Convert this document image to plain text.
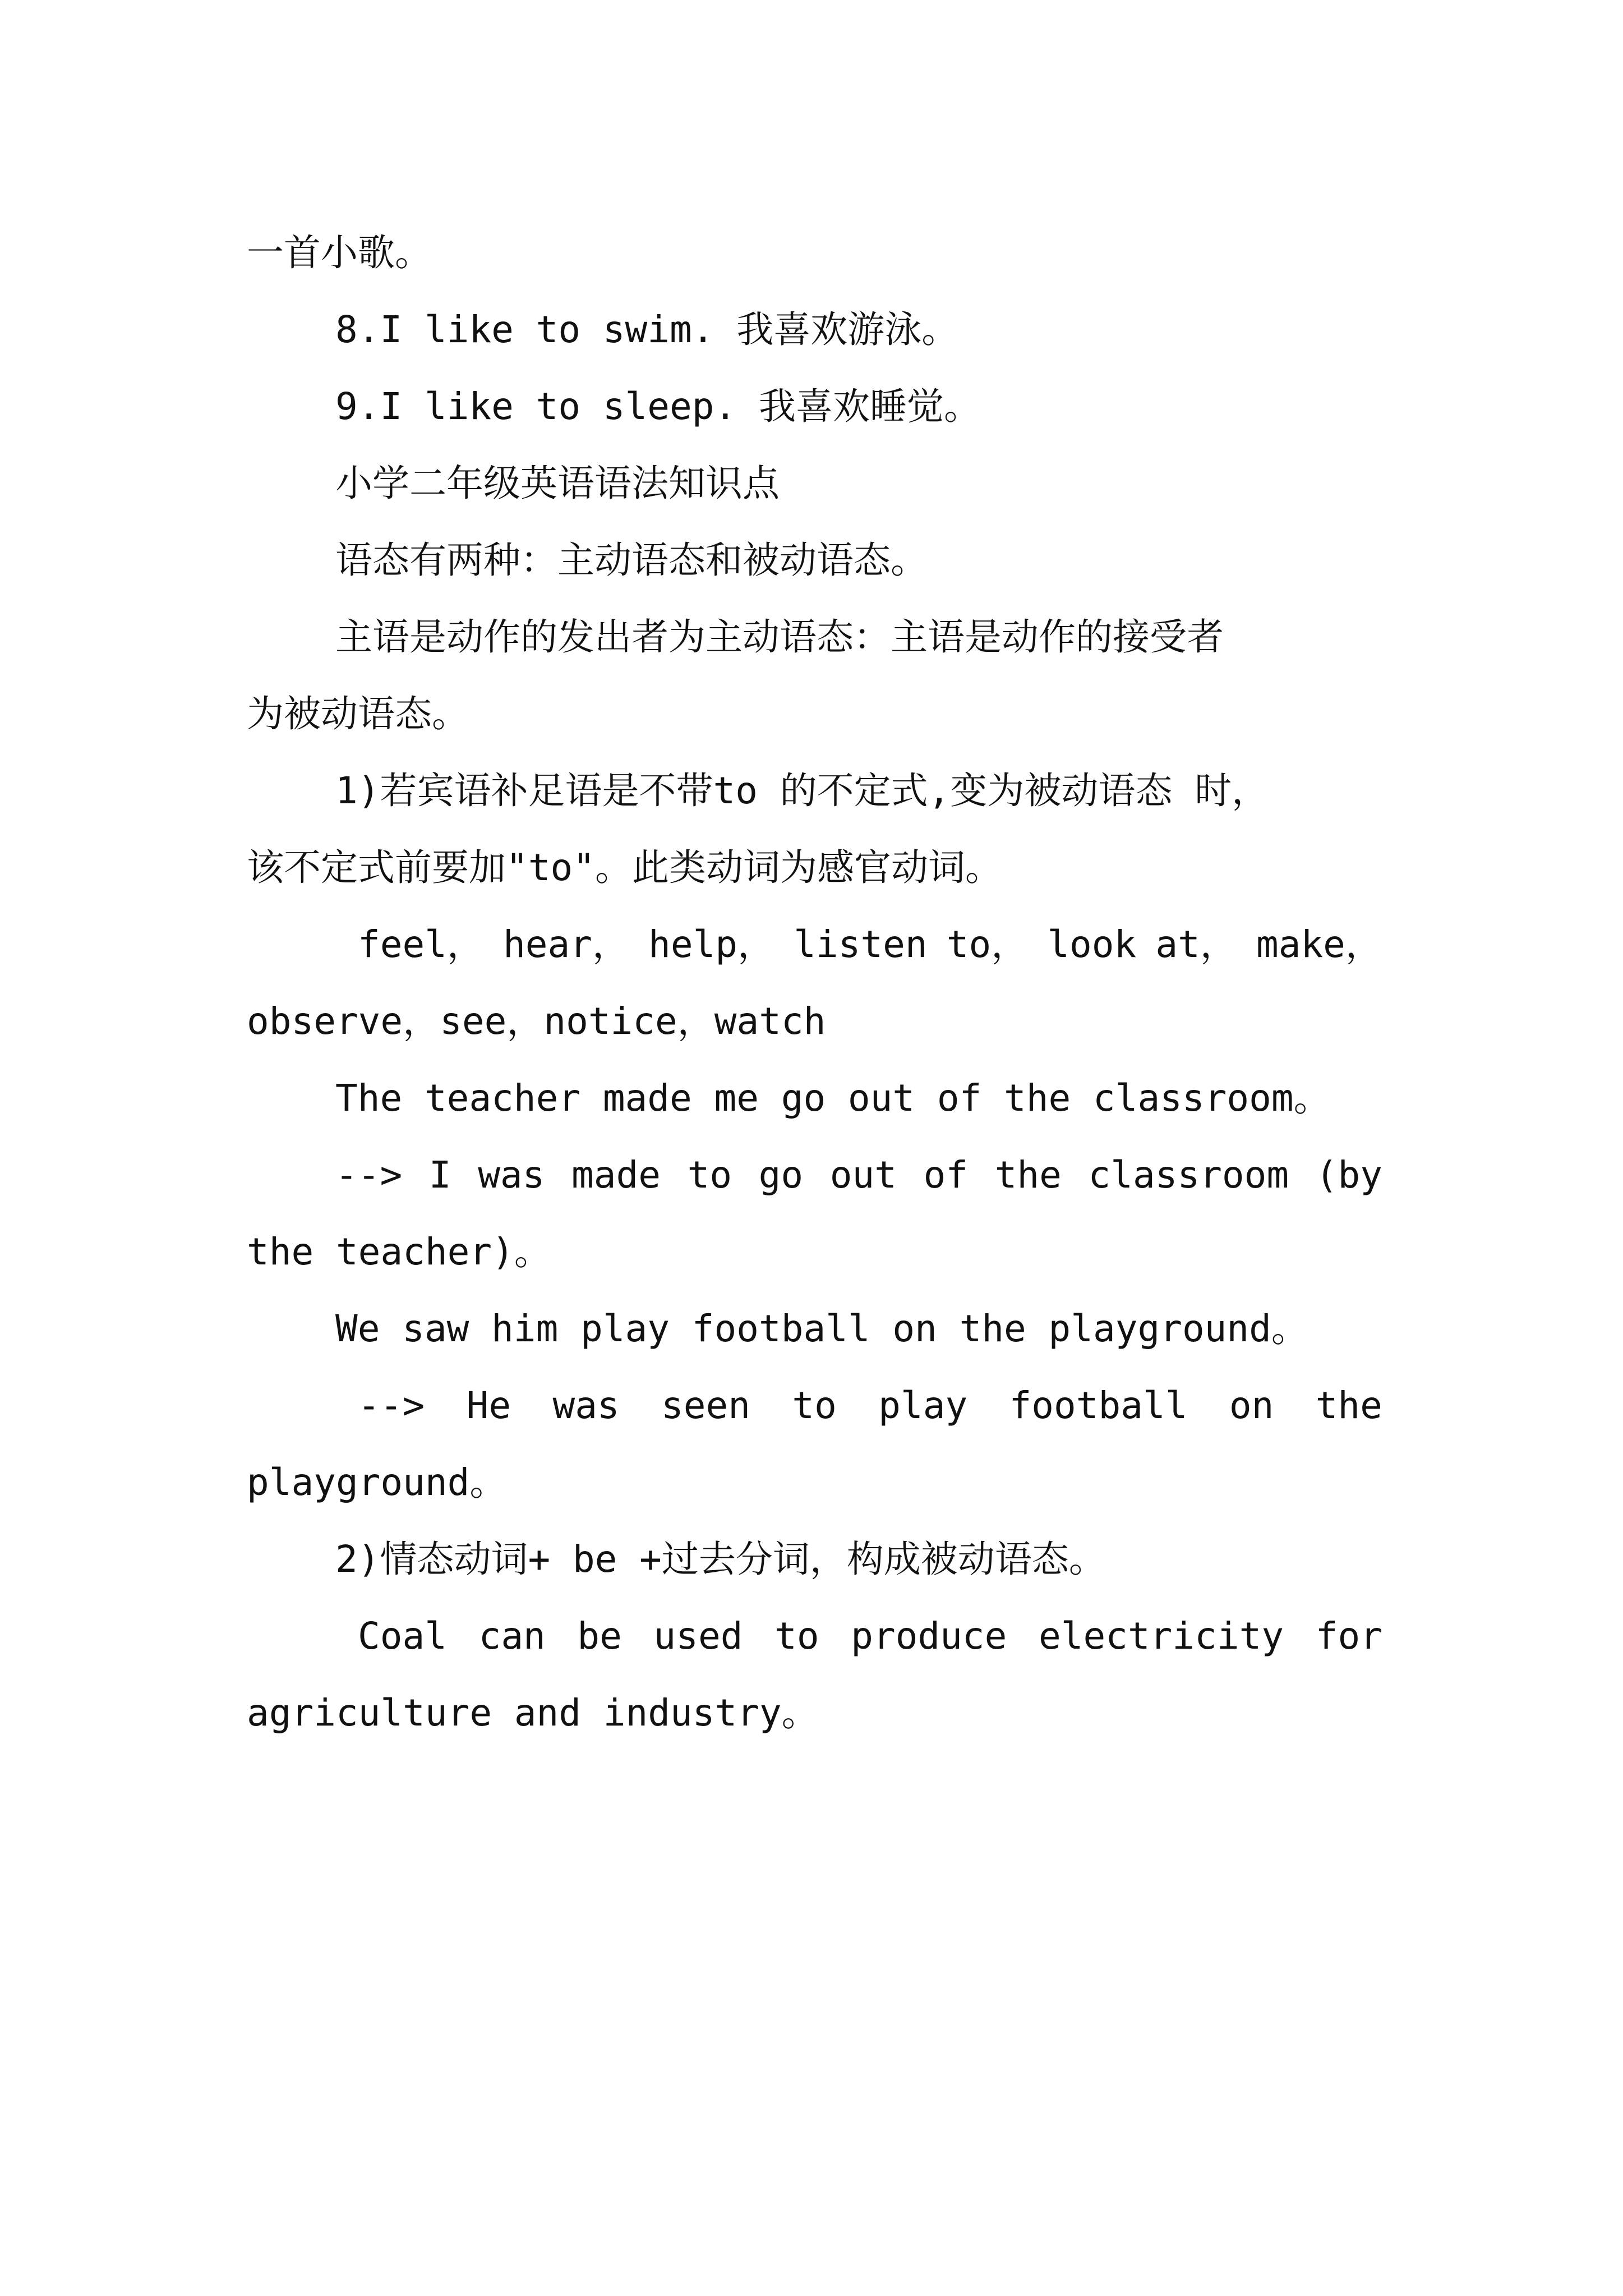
一首小歌。
8.I like to swim. 我喜欢游泳。
9.I like to sleep. 我喜欢睡觉。
小学二年级英语语法知识点
语态有两种：主动语态和被动语态。
主语是动作的发出者为主动语态：主语是动作的接受者
为被动语态。
1)若宾语补足语是不带to 的不定式,变为被动语态 时，
该不定式前要加"to"。此类动词为感官动词。
feel， hear， help， listen to， look at， make，
observe，see，notice，watch
The teacher made me go out of the classroom。
--> I was made to go out of the classroom (by
the teacher)。
We saw him play football on the playground。
--> He was seen to play football on the
playground。
2)情态动词+ be +过去分词，构成被动语态。
Coal can be used to produce electricity for
agriculture and industry。
